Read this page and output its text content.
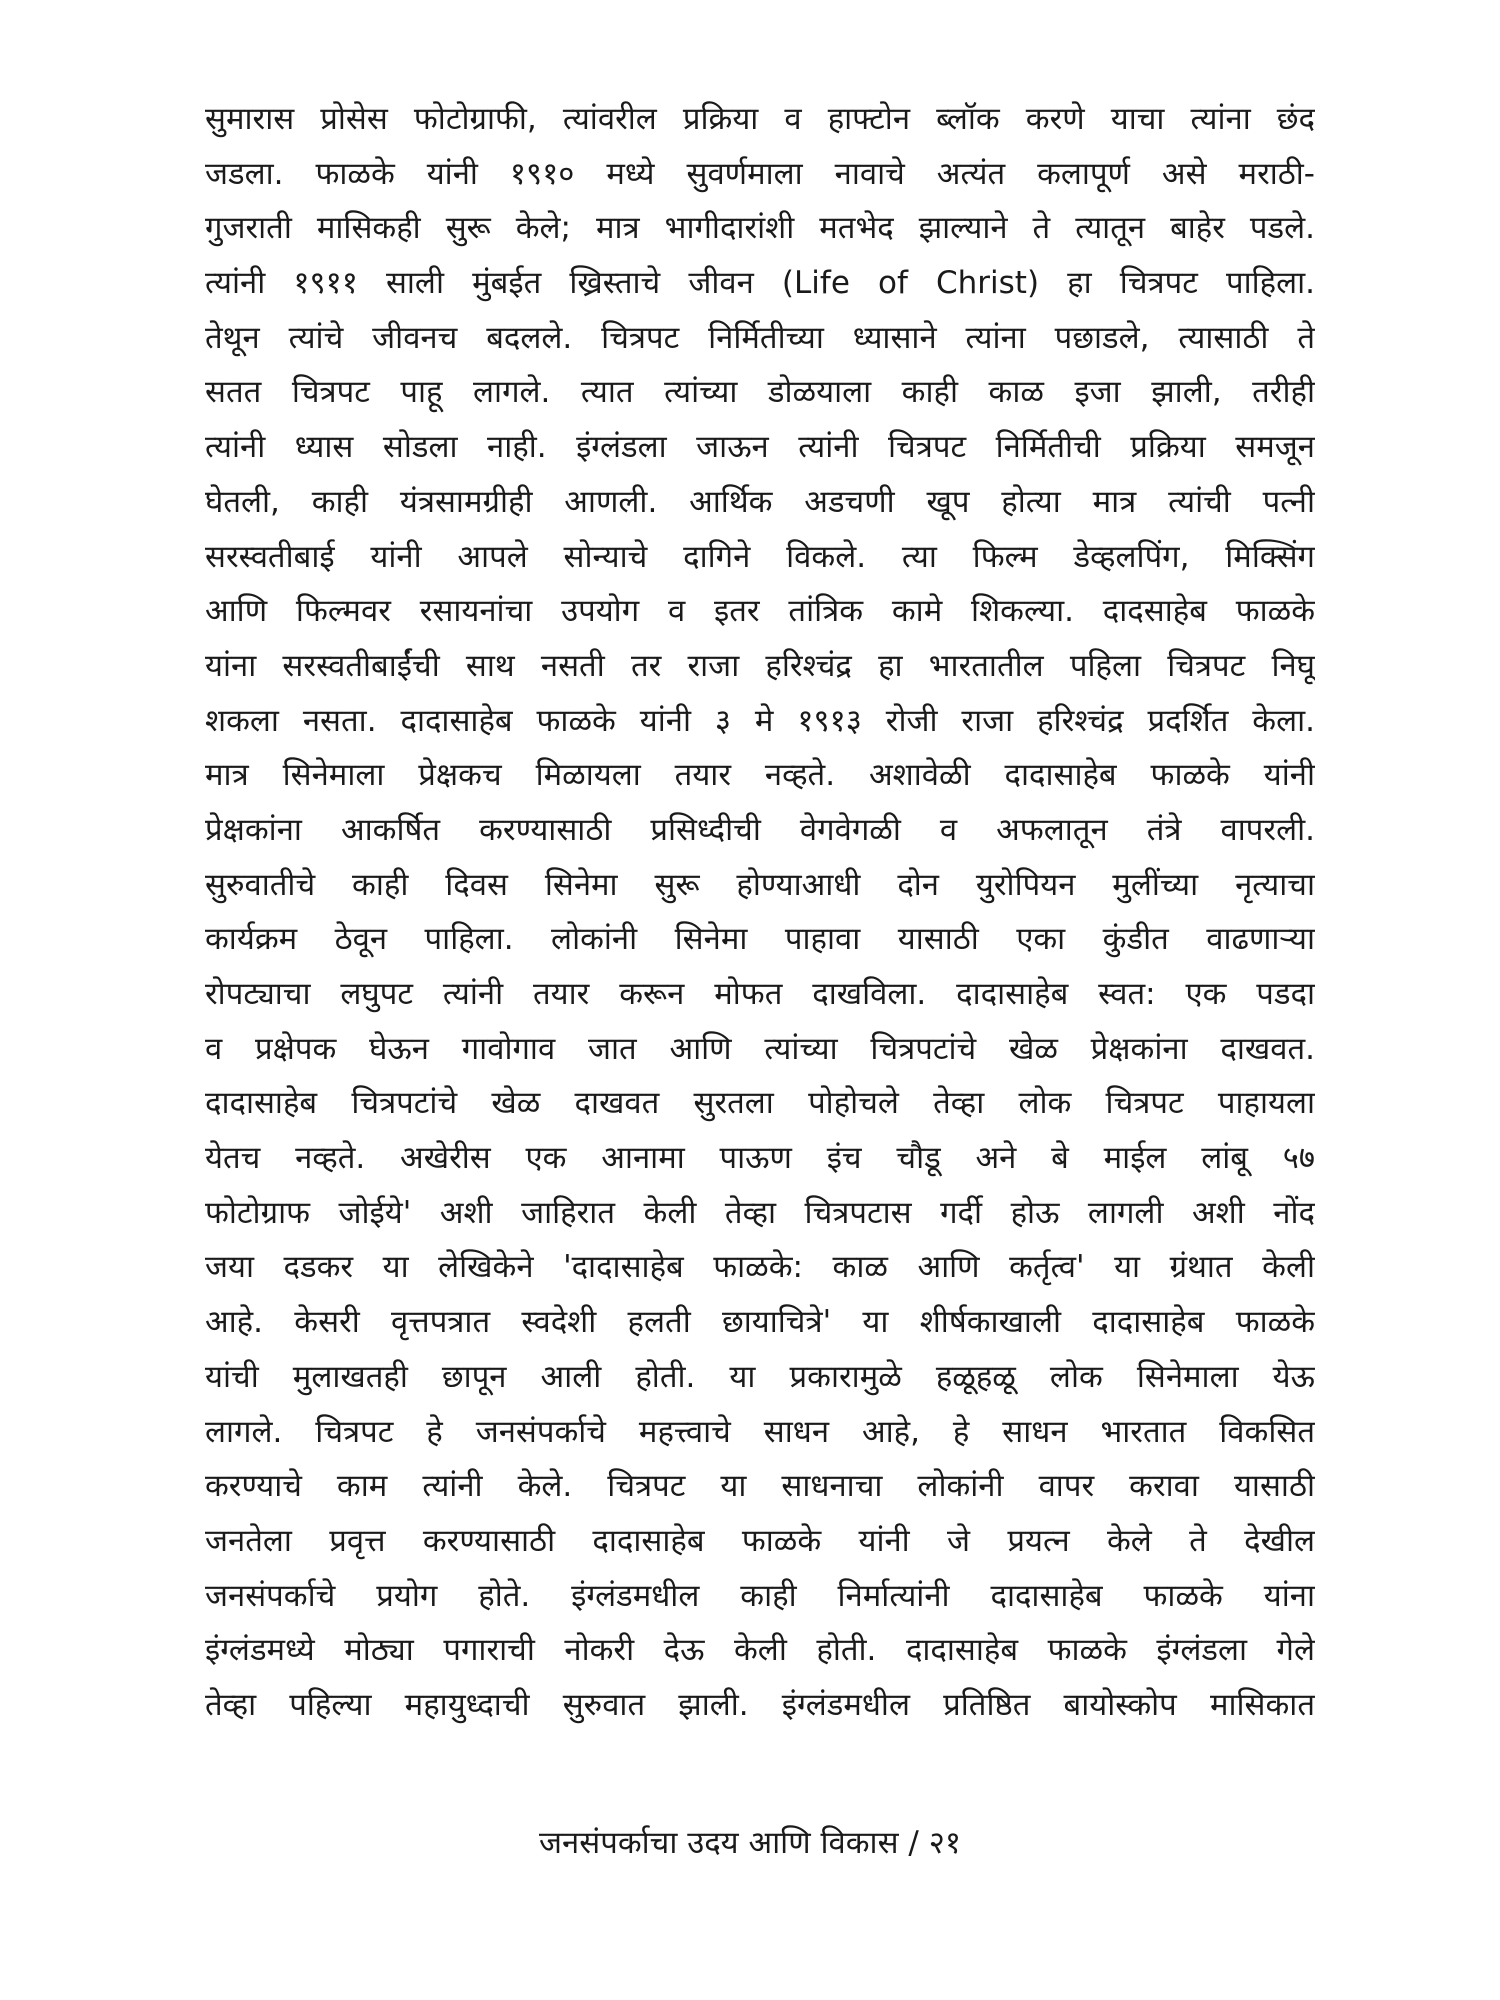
सुमारास प्रोसेस फोटोग्राफी, त्यांवरील प्रक्रिया व हाफ्टोन ब्लॉक करणे याचा त्यांना छंद
जडला. फाळके यांनी १९१० मध्ये सुवर्णमाला नावाचे अत्यंत कलापूर्ण असे मराठी-
गुजराती मासिकही सुरू केले; मात्र भागीदारांशी मतभेद झाल्याने ते त्यातून बाहेर पडले.
त्यांनी १९११ साली मुंबईत ख्रिस्ताचे जीवन (Life of Christ) हा चित्रपट पाहिला.
तेथून त्यांचे जीवनच बदलले. चित्रपट निर्मितीच्या ध्यासाने त्यांना पछाडले, त्यासाठी ते
सतत चित्रपट पाहू लागले. त्यात त्यांच्या डोळयाला काही काळ इजा झाली, तरीही
त्यांनी ध्यास सोडला नाही. इंग्लंडला जाऊन त्यांनी चित्रपट निर्मितीची प्रक्रिया समजून
घेतली, काही यंत्रसामग्रीही आणली. आर्थिक अडचणी खूप होत्या मात्र त्यांची पत्नी
सरस्वतीबाई यांनी आपले सोन्याचे दागिने विकले. त्या फिल्म डेव्हलपिंग, मिक्सिंग
आणि फिल्मवर रसायनांचा उपयोग व इतर तांत्रिक कामे शिकल्या. दादसाहेब फाळके
यांना सरस्वतीबाईंची साथ नसती तर राजा हरिश्चंद्र हा भारतातील पहिला चित्रपट निघू
शकला नसता. दादासाहेब फाळके यांनी ३ मे १९१३ रोजी राजा हरिश्चंद्र प्रदर्शित केला.
मात्र सिनेमाला प्रेक्षकच मिळायला तयार नव्हते. अशावेळी दादासाहेब फाळके यांनी
प्रेक्षकांना आकर्षित करण्यासाठी प्रसिध्दीची वेगवेगळी व अफलातून तंत्रे वापरली.
सुरुवातीचे काही दिवस सिनेमा सुरू होण्याआधी दोन युरोपियन मुलींच्या नृत्याचा
कार्यक्रम ठेवून पाहिला. लोकांनी सिनेमा पाहावा यासाठी एका कुंडीत वाढणाऱ्या
रोपट्याचा लघुपट त्यांनी तयार करून मोफत दाखविला. दादासाहेब स्वत: एक पडदा
व प्रक्षेपक घेऊन गावोगाव जात आणि त्यांच्या चित्रपटांचे खेळ प्रेक्षकांना दाखवत.
दादासाहेब चित्रपटांचे खेळ दाखवत सुरतला पोहोचले तेव्हा लोक चित्रपट पाहायला
येतच नव्हते. अखेरीस एक आनामा पाऊण इंच चौडू अने बे माईल लांबू ५७
फोटोग्राफ जोईये' अशी जाहिरात केली तेव्हा चित्रपटास गर्दी होऊ लागली अशी नोंद
जया दडकर या लेखिकेने 'दादासाहेब फाळके: काळ आणि कर्तृत्व' या ग्रंथात केली
आहे. केसरी वृत्तपत्रात स्वदेशी हलती छायाचित्रे' या शीर्षकाखाली दादासाहेब फाळके
यांची मुलाखतही छापून आली होती. या प्रकारामुळे हळूहळू लोक सिनेमाला येऊ
लागले. चित्रपट हे जनसंपर्काचे महत्त्वाचे साधन आहे, हे साधन भारतात विकसित
करण्याचे काम त्यांनी केले. चित्रपट या साधनाचा लोकांनी वापर करावा यासाठी
जनतेला प्रवृत्त करण्यासाठी दादासाहेब फाळके यांनी जे प्रयत्न केले ते देखील
जनसंपर्काचे प्रयोग होते. इंग्लंडमधील काही निर्मात्यांनी दादासाहेब फाळके यांना
इंग्लंडमध्ये मोठ्या पगाराची नोकरी देऊ केली होती. दादासाहेब फाळके इंग्लंडला गेले
तेव्हा पहिल्या महायुध्दाची सुरुवात झाली. इंग्लंडमधील प्रतिष्ठित बायोस्कोप मासिकात
जनसंपर्काचा उदय आणि विकास / २१
